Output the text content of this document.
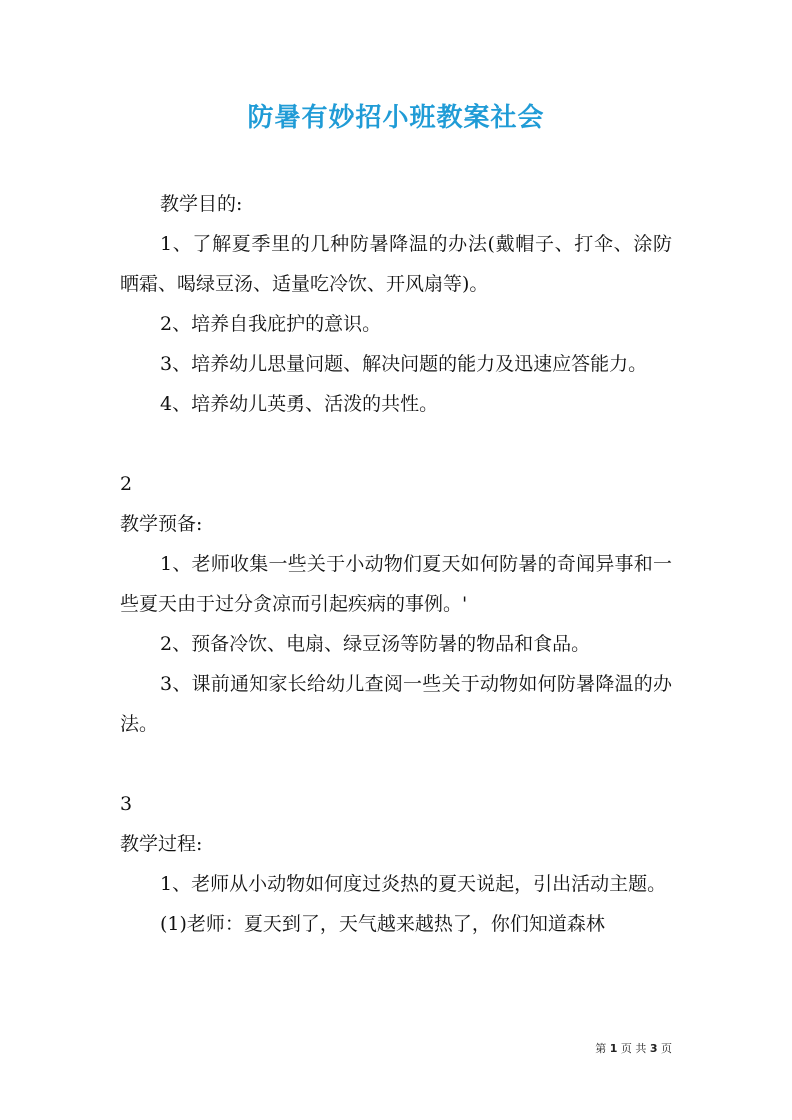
防暑有妙招小班教案社会

教学目的:

1、了解夏季里的几种防暑降温的办法(戴帽子、打伞、涂防晒霜、喝绿豆汤、适量吃冷饮、开风扇等)。

2、培养自我庇护的意识。

3、培养幼儿思量问题、解决问题的能力及迅速应答能力。

4、培养幼儿英勇、活泼的共性。

2

教学预备:

1、老师收集一些关于小动物们夏天如何防暑的奇闻异事和一些夏天由于过分贪凉而引起疾病的事例。'

2、预备冷饮、电扇、绿豆汤等防暑的物品和食品。

3、课前通知家长给幼儿查阅一些关于动物如何防暑降温的办法。

3

教学过程:

1、老师从小动物如何度过炎热的夏天说起，引出活动主题。

(1)老师：夏天到了，天气越来越热了，你们知道森林

第 1 页 共 3 页
